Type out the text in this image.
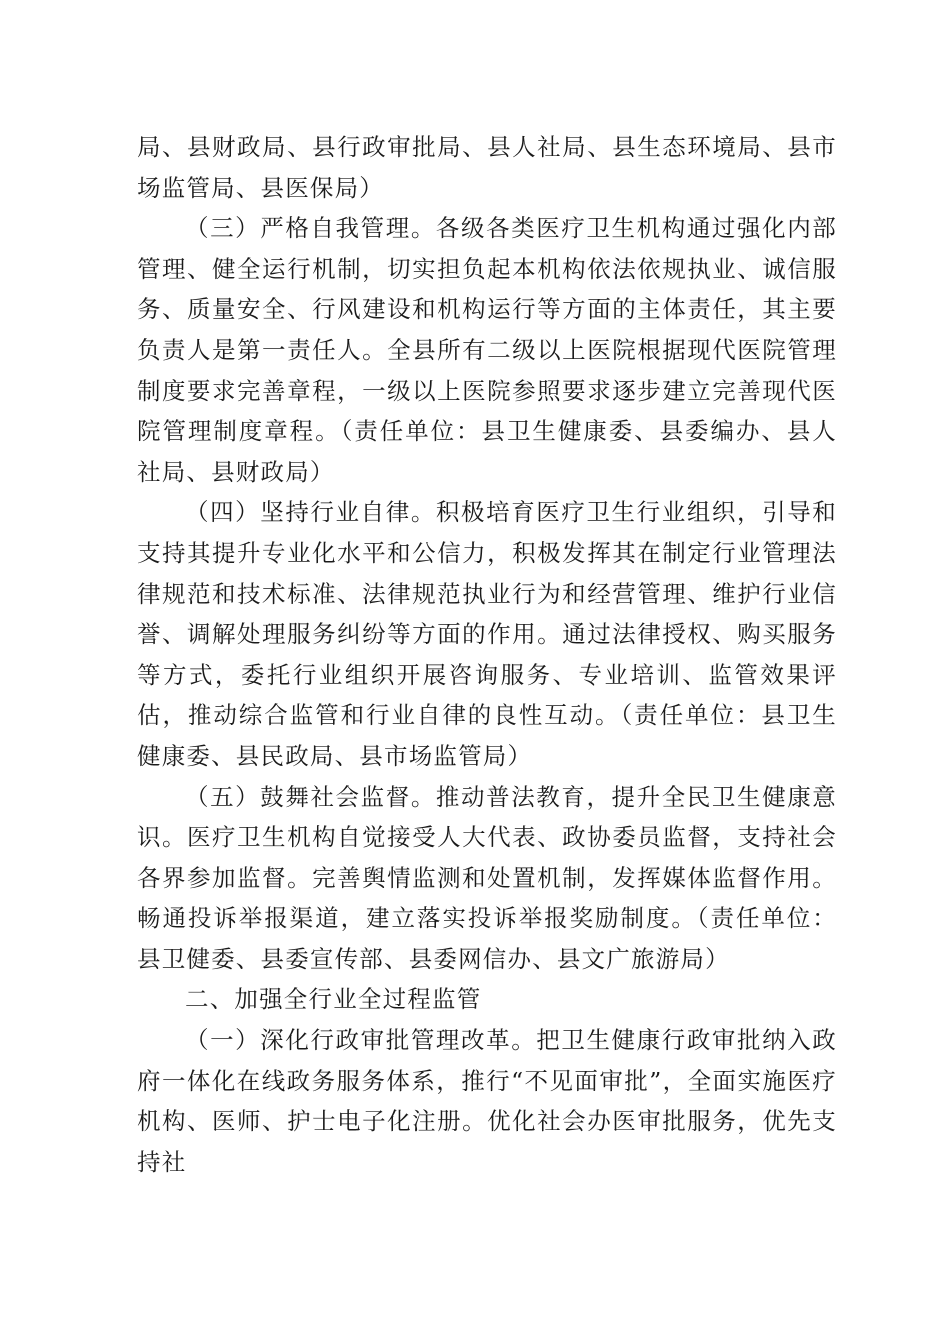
局、县财政局、县行政审批局、县人社局、县生态环境局、县市场监管局、县医保局）

（三）严格自我管理。各级各类医疗卫生机构通过强化内部管理、健全运行机制，切实担负起本机构依法依规执业、诚信服务、质量安全、行风建设和机构运行等方面的主体责任，其主要负责人是第一责任人。全县所有二级以上医院根据现代医院管理制度要求完善章程，一级以上医院参照要求逐步建立完善现代医院管理制度章程。（责任单位：县卫生健康委、县委编办、县人社局、县财政局）

（四）坚持行业自律。积极培育医疗卫生行业组织，引导和支持其提升专业化水平和公信力，积极发挥其在制定行业管理法律规范和技术标准、法律规范执业行为和经营管理、维护行业信誉、调解处理服务纠纷等方面的作用。通过法律授权、购买服务等方式，委托行业组织开展咨询服务、专业培训、监管效果评估，推动综合监管和行业自律的良性互动。（责任单位：县卫生健康委、县民政局、县市场监管局）

（五）鼓舞社会监督。推动普法教育，提升全民卫生健康意识。医疗卫生机构自觉接受人大代表、政协委员监督，支持社会各界参加监督。完善舆情监测和处置机制，发挥媒体监督作用。畅通投诉举报渠道，建立落实投诉举报奖励制度。（责任单位：县卫健委、县委宣传部、县委网信办、县文广旅游局）

二、加强全行业全过程监管

（一）深化行政审批管理改革。把卫生健康行政审批纳入政府一体化在线政务服务体系，推行“不见面审批”，全面实施医疗机构、医师、护士电子化注册。优化社会办医审批服务，优先支持社
